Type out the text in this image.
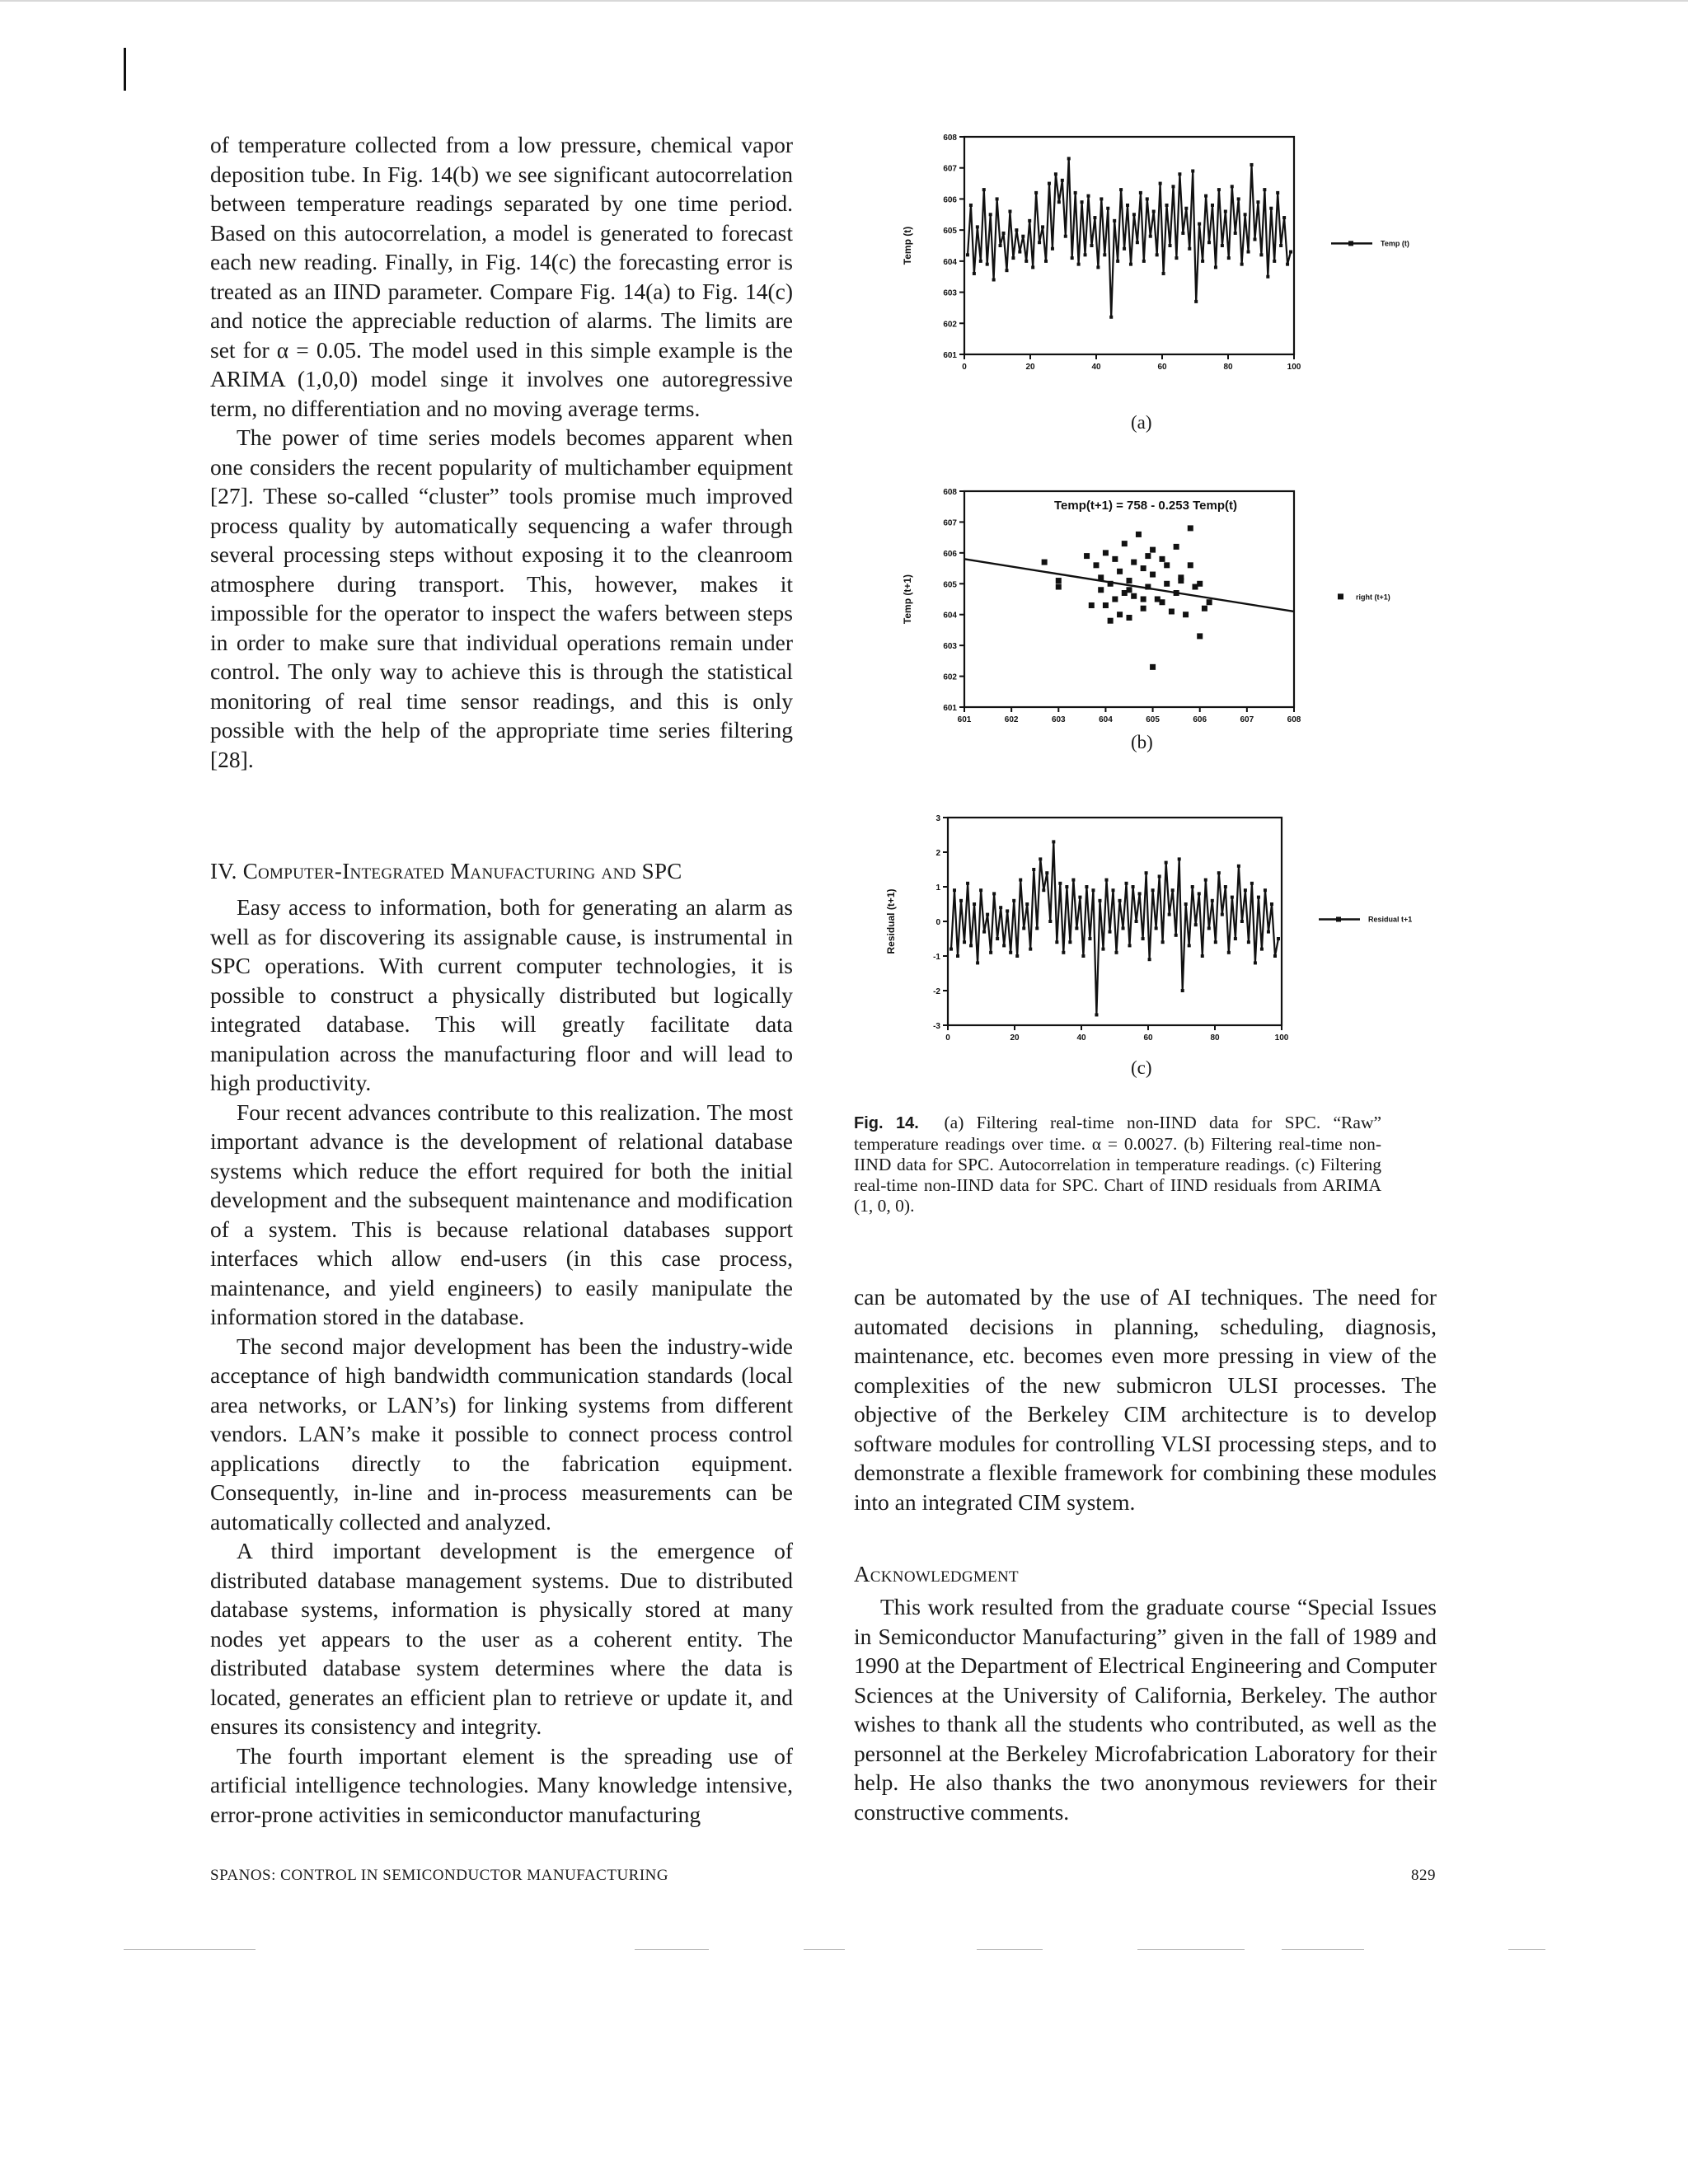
of temperature collected from a low pressure, chemical vapor deposition tube. In Fig. 14(b) we see significant autocorrelation between temperature readings separated by one time period. Based on this autocorrelation, a model is generated to forecast each new reading. Finally, in Fig. 14(c) the forecasting error is treated as an IIND parameter. Compare Fig. 14(a) to Fig. 14(c) and notice the appreciable reduction of alarms. The limits are set for α = 0.05. The model used in this simple example is the ARIMA (1,0,0) model singe it involves one autoregressive term, no differentiation and no moving average terms.

The power of time series models becomes apparent when one considers the recent popularity of multichamber equipment [27]. These so-called “cluster” tools promise much improved process quality by automatically sequencing a wafer through several processing steps without exposing it to the cleanroom atmosphere during transport. This, however, makes it impossible for the operator to inspect the wafers between steps in order to make sure that individual operations remain under control. The only way to achieve this is through the statistical monitoring of real time sensor readings, and this is only possible with the help of the appropriate time series filtering [28].

IV. Computer-Integrated Manufacturing and SPC

Easy access to information, both for generating an alarm as well as for discovering its assignable cause, is instrumental in SPC operations. With current computer technologies, it is possible to construct a physically distributed but logically integrated database. This will greatly facilitate data manipulation across the manufacturing floor and will lead to high productivity.

Four recent advances contribute to this realization. The most important advance is the development of relational database systems which reduce the effort required for both the initial development and the subsequent maintenance and modification of a system. This is because relational databases support interfaces which allow end-users (in this case process, maintenance, and yield engineers) to easily manipulate the information stored in the database.

The second major development has been the industry-wide acceptance of high bandwidth communication standards (local area networks, or LAN’s) for linking systems from different vendors. LAN’s make it possible to connect process control applications directly to the fabrication equipment. Consequently, in-line and in-process measurements can be automatically collected and analyzed.

A third important development is the emergence of distributed database management systems. Due to distributed database systems, information is physically stored at many nodes yet appears to the user as a coherent entity. The distributed database system determines where the data is located, generates an efficient plan to retrieve or update it, and ensures its consistency and integrity.

The fourth important element is the spreading use of artificial intelligence technologies. Many knowledge intensive, error-prone activities in semiconductor manufacturing

601
602
603
604
605
606
607
608
0	20	40	60	80	100
Temp (t)	Temp (t)
(a)
601
602
603
604
605
606
607
608
601	602	603	604	605	606	607	608
Temp (t+1)
Temp(t+1) = 758 - 0.253 Temp(t)
right (t+1)
(b)
-3
-2
-1
0
1
2
3
0	20	40	60	80	100
Residual (t+1)	Residual t+1
(c)
Fig. 14. (a) Filtering real-time non-IIND data for SPC. “Raw” temperature readings over time. α = 0.0027. (b) Filtering real-time non-IIND data for SPC. Autocorrelation in temperature readings. (c) Filtering real-time non-IIND data for SPC. Chart of IIND residuals from ARIMA (1, 0, 0).

can be automated by the use of AI techniques. The need for automated decisions in planning, scheduling, diagnosis, maintenance, etc. becomes even more pressing in view of the complexities of the new submicron ULSI processes. The objective of the Berkeley CIM architecture is to develop software modules for controlling VLSI processing steps, and to demonstrate a flexible framework for combining these modules into an integrated CIM system.

Acknowledgment

This work resulted from the graduate course “Special Issues in Semiconductor Manufacturing” given in the fall of 1989 and 1990 at the Department of Electrical Engineering and Computer Sciences at the University of California, Berkeley. The author wishes to thank all the students who contributed, as well as the personnel at the Berkeley Microfabrication Laboratory for their help. He also thanks the two anonymous reviewers for their constructive comments.

SPANOS: CONTROL IN SEMICONDUCTOR MANUFACTURING	829
